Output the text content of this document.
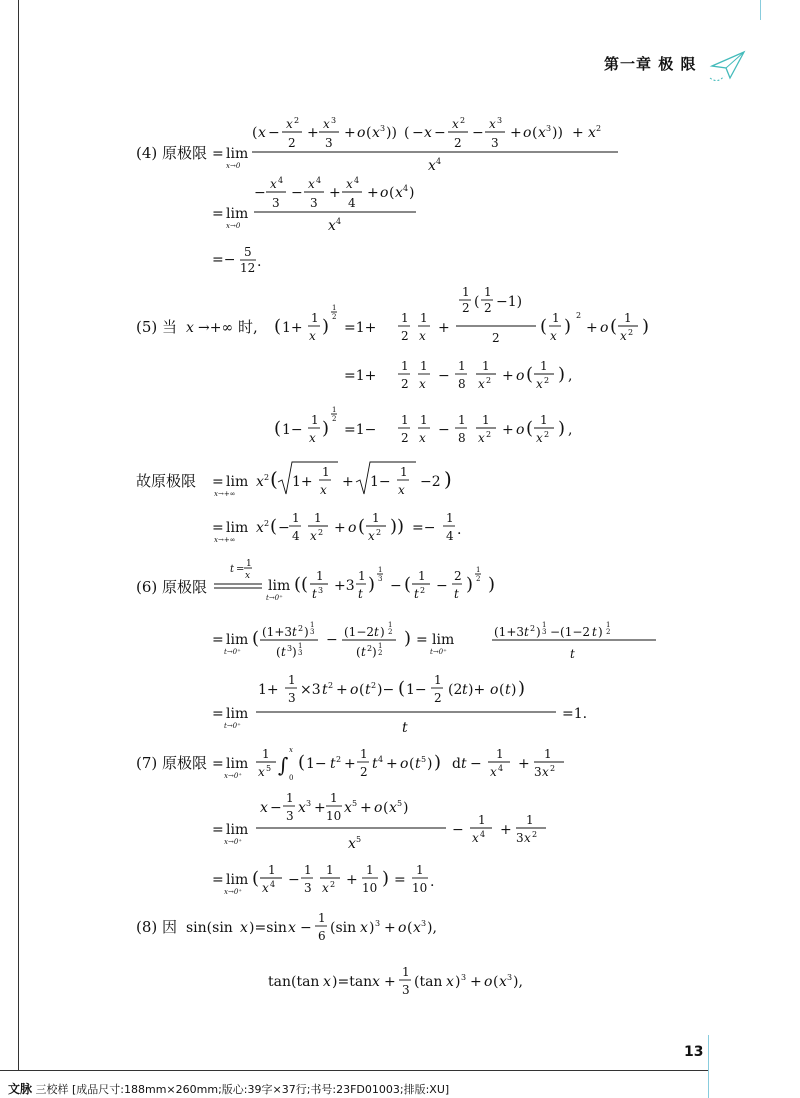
第一章 极 限
(4) 原极限 = lim
x→0
( x −
x 2
2
+
x 3
3
+ o ( x 3 )) ( − x −
x 2
2
−
x 3
3
+ o ( x 3 )) + x 2
x 4
= lim
x→0
−
x 4
3
−
x 4
3
+
x 4
4
+ o ( x 4 )
x 4
=− 5
12 .
(5) 当 x →+∞ 时, ( 1+
1
x )
1
2
=1+
1
2
1
x +
1
2 (
1
2 −1)
2
( 1
x )
2
+ o ( 1
x 2 )
=1+
1
2
1
x −
1
8
1
x 2 + o ( 1
x 2 ) ,
( 1−
1
x )
1
2
=1−
1
2
1
x −
1
8
1
x 2 + o ( 1
x 2 ) ,
故原极限 = lim
x→+∞
x 2 ( 1+
1
x + 1−
1
x −2 )
= lim
x→+∞
x 2 ( −
1
4
1
x 2 + o ( 1
x 2 )) =−
1
4 .
t = 1
x
(6) 原极限	lim
t→0⁺
(( 1
t 3 +3
1
t )
1
3 − ( 1
t 2 −
2
t )
1
2 )
= lim
t→0⁺
( (1+3 t 2 ) 1
3
( t 3 ) 1
3
− (1−2 t ) 1
2
( t 2 ) 1
2
) = lim
t→0⁺
(1+3 t 2 ) 1
3 −(1−2 t ) 1
2
t
= lim
t→0⁺
1+
1
3 ×3 t 2 + o ( t 2 )− ( 1−
1
2 (2 t )+ o ( t ) )
t
=1.
(7) 原极限 = lim
x→0⁺
1
x 5 ∫
x
0
( 1− t 2 +
1
2 t 4 + o ( t 5 ) ) d t −
1
x 4 +
1
3 x 2
= lim
x→0⁺
x −
1
3 x 3 +
1
10 x 5 + o ( x 5 )
x 5
−
1
x 4 +
1
3 x 2
= lim
x→0⁺
( 1
x 4 −
1
3
1
x 2 +
1
10 ) =
1
10 .
(8) 因 sin(sin x )=sin x −
1
6 (sin x ) 3 + o ( x 3 ),
tan(tan x )=tan x +
1
3 (tan x ) 3 + o ( x 3 ),
13
文脉 三校样 [成品尺寸:188mm×260mm;版心:39字×37行;书号:23FD01003;排版:XU]
